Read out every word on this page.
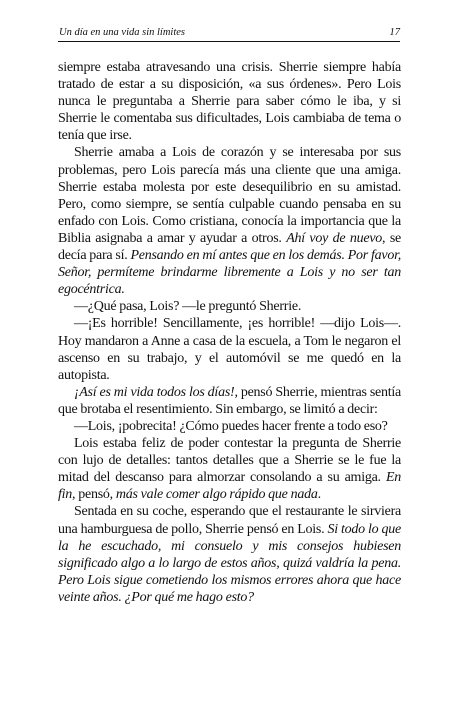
Un día en una vida sin límites	17

siempre estaba atravesando una crisis. Sherrie siempre había tratado de estar a su disposición, «a sus órdenes». Pero Lois nunca le preguntaba a Sherrie para saber cómo le iba, y si Sherrie le comentaba sus dificultades, Lois cambiaba de tema o tenía que irse.

Sherrie amaba a Lois de corazón y se interesaba por sus problemas, pero Lois parecía más una cliente que una amiga. Sherrie estaba molesta por este desequilibrio en su amistad. Pero, como siempre, se sentía culpable cuando pensaba en su enfado con Lois. Como cristiana, conocía la importancia que la Biblia asignaba a amar y ayudar a otros. Ahí voy de nuevo, se decía para sí. Pensando en mí antes que en los demás. Por favor, Señor, permíteme brindarme libremente a Lois y no ser tan egocéntrica.

—¿Qué pasa, Lois? —le preguntó Sherrie.

—¡Es horrible! Sencillamente, ¡es horrible! —dijo Lois—. Hoy mandaron a Anne a casa de la escuela, a Tom le negaron el ascenso en su trabajo, y el automóvil se me quedó en la autopista.

¡Así es mi vida todos los días!, pensó Sherrie, mientras sentía que brotaba el resentimiento. Sin embargo, se limitó a decir:

—Lois, ¡pobrecita! ¿Cómo puedes hacer frente a todo eso?

Lois estaba feliz de poder contestar la pregunta de Sherrie con lujo de detalles: tantos detalles que a Sherrie se le fue la mitad del descanso para almorzar consolando a su amiga. En fin, pensó, más vale comer algo rápido que nada.

Sentada en su coche, esperando que el restaurante le sirviera una hamburguesa de pollo, Sherrie pensó en Lois. Si todo lo que la he escuchado, mi consuelo y mis consejos hubiesen significado algo a lo largo de estos años, quizá valdría la pena. Pero Lois sigue cometiendo los mismos errores ahora que hace veinte años. ¿Por qué me hago esto?
